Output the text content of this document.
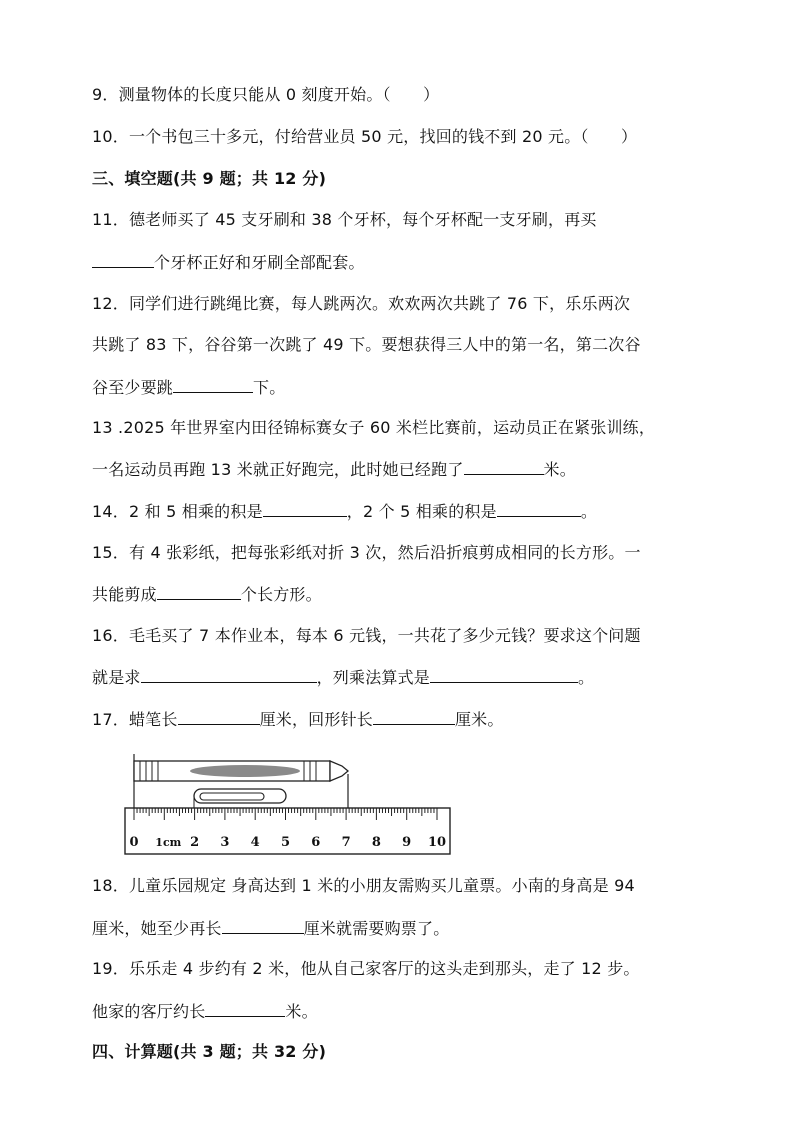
9．测量物体的长度只能从 0 刻度开始。（　　）
10．一个书包三十多元，付给营业员 50 元，找回的钱不到 20 元。（　　）
三、填空题(共 9 题；共 12 分)
11．德老师买了 45 支牙刷和 38 个牙杯，每个牙杯配一支牙刷，再买
个牙杯正好和牙刷全部配套。
12．同学们进行跳绳比赛，每人跳两次。欢欢两次共跳了 76 下，乐乐两次
共跳了 83 下，谷谷第一次跳了 49 下。要想获得三人中的第一名，第二次谷
谷至少要跳	下。
13 .2025 年世界室内田径锦标赛女子 60 米栏比赛前，运动员正在紧张训练，
一名运动员再跑 13 米就正好跑完，此时她已经跑了	米。
14．2 和 5 相乘的积是	，2 个 5 相乘的积是	。
15．有 4 张彩纸，把每张彩纸对折 3 次，然后沿折痕剪成相同的长方形。一
共能剪成	个长方形。
16．毛毛买了 7 本作业本，每本 6 元钱，一共花了多少元钱？要求这个问题
就是求	，列乘法算式是	。
17．蜡笔长	厘米，回形针长	厘米。
0 1cm 2 3 4 5 6 7 8 9 10
18．儿童乐园规定 身高达到 1 米的小朋友需购买儿童票。小南的身高是 94
厘米，她至少再长	厘米就需要购票了。
19．乐乐走 4 步约有 2 米，他从自己家客厅的这头走到那头，走了 12 步。
他家的客厅约长	米。
四、计算题(共 3 题；共 32 分)
